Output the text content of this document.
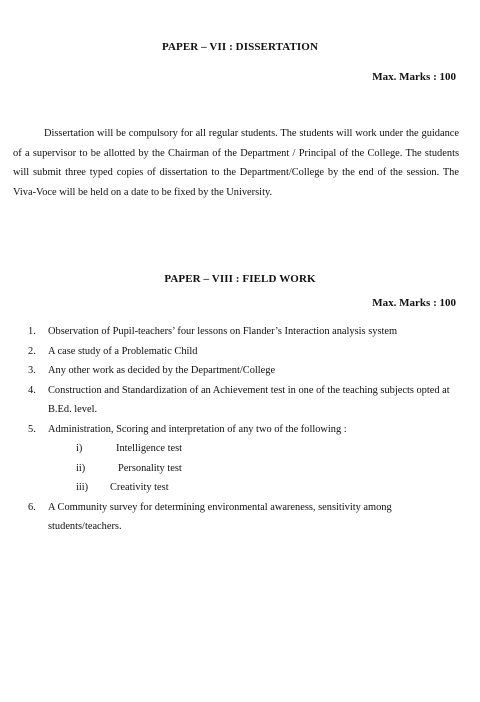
PAPER – VII : DISSERTATION
Max. Marks : 100
Dissertation will be compulsory for all regular students. The students will work under the guidance of a supervisor to be allotted by the Chairman of the Department / Principal of the College. The students will submit three typed copies of dissertation to the Department/College by the end of the session. The Viva-Voce will be held on a date to be fixed by the University.
PAPER – VIII : FIELD WORK
Max. Marks : 100
1. Observation of Pupil-teachers’ four lessons on Flander’s Interaction analysis system
2. A case study of a Problematic Child
3. Any other work as decided by the Department/College
4. Construction and Standardization of an Achievement test in one of the teaching subjects opted at B.Ed. level.
5. Administration, Scoring and interpretation of any two of the following :
i)	Intelligence test
ii)	Personality test
iii) Creativity test
6. A Community survey for determining environmental awareness, sensitivity among students/teachers.
